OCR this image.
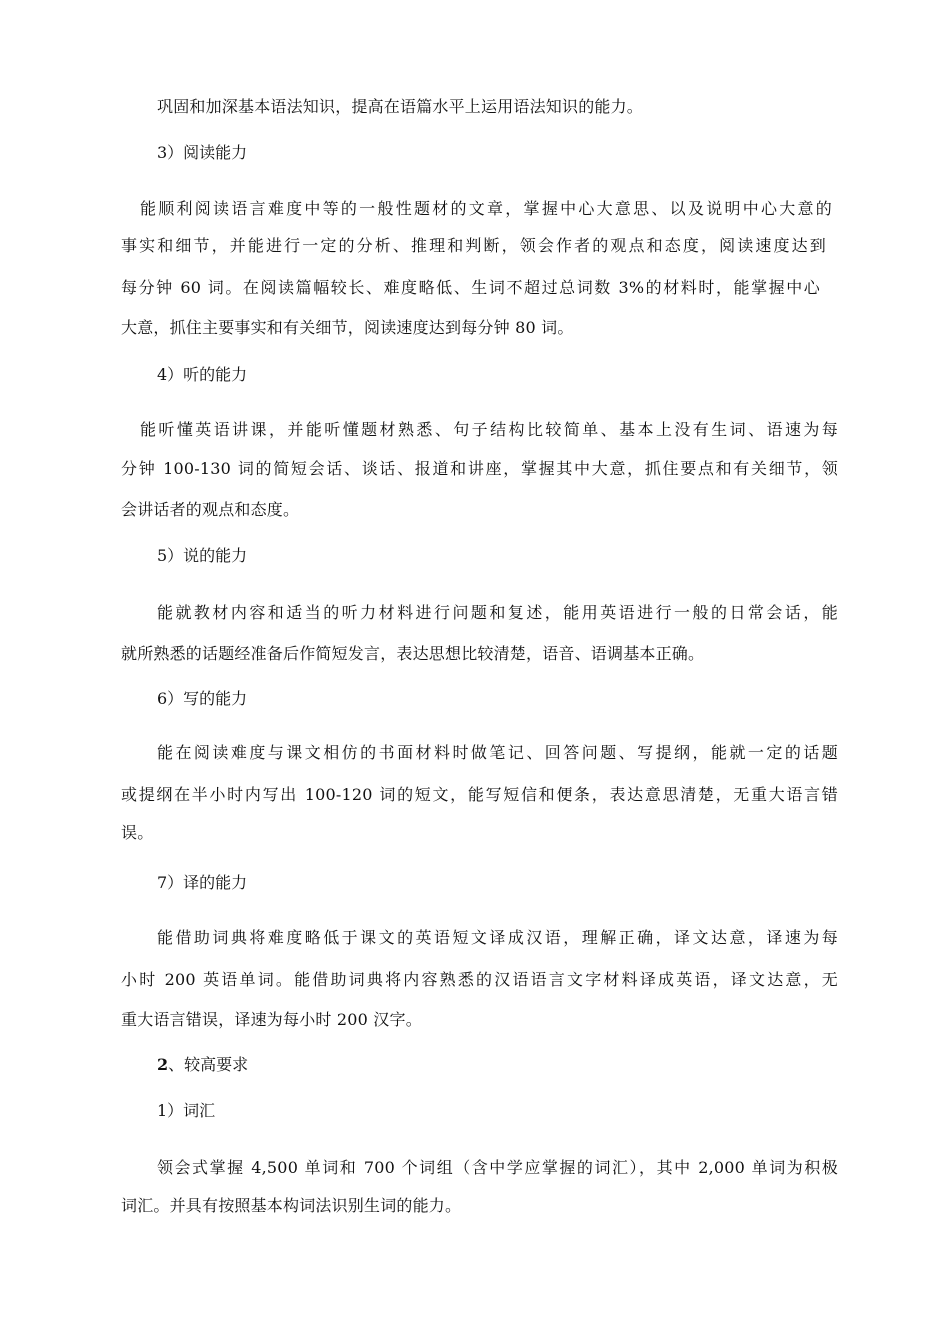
巩固和加深基本语法知识，提高在语篇水平上运用语法知识的能力。
3）阅读能力
能顺利阅读语言难度中等的一般性题材的文章，掌握中心大意思、以及说明中心大意的
事实和细节，并能进行一定的分析、推理和判断，领会作者的观点和态度，阅读速度达到
每分钟 60 词。在阅读篇幅较长、难度略低、生词不超过总词数 3%的材料时，能掌握中心
大意，抓住主要事实和有关细节，阅读速度达到每分钟 80 词。
4）听的能力
能听懂英语讲课，并能听懂题材熟悉、句子结构比较简单、基本上没有生词、语速为每
分钟 100-130 词的简短会话、谈话、报道和讲座，掌握其中大意，抓住要点和有关细节，领
会讲话者的观点和态度。
5）说的能力
能就教材内容和适当的听力材料进行问题和复述，能用英语进行一般的日常会话，能
就所熟悉的话题经准备后作简短发言，表达思想比较清楚，语音、语调基本正确。
6）写的能力
能在阅读难度与课文相仿的书面材料时做笔记、回答问题、写提纲，能就一定的话题
或提纲在半小时内写出 100-120 词的短文，能写短信和便条，表达意思清楚，无重大语言错
误。
7）译的能力
能借助词典将难度略低于课文的英语短文译成汉语，理解正确，译文达意，译速为每
小时 200 英语单词。能借助词典将内容熟悉的汉语语言文字材料译成英语，译文达意，无
重大语言错误，译速为每小时 200 汉字。
2、较高要求
1）词汇
领会式掌握 4,500 单词和 700 个词组（含中学应掌握的词汇），其中 2,000 单词为积极
词汇。并具有按照基本构词法识别生词的能力。
